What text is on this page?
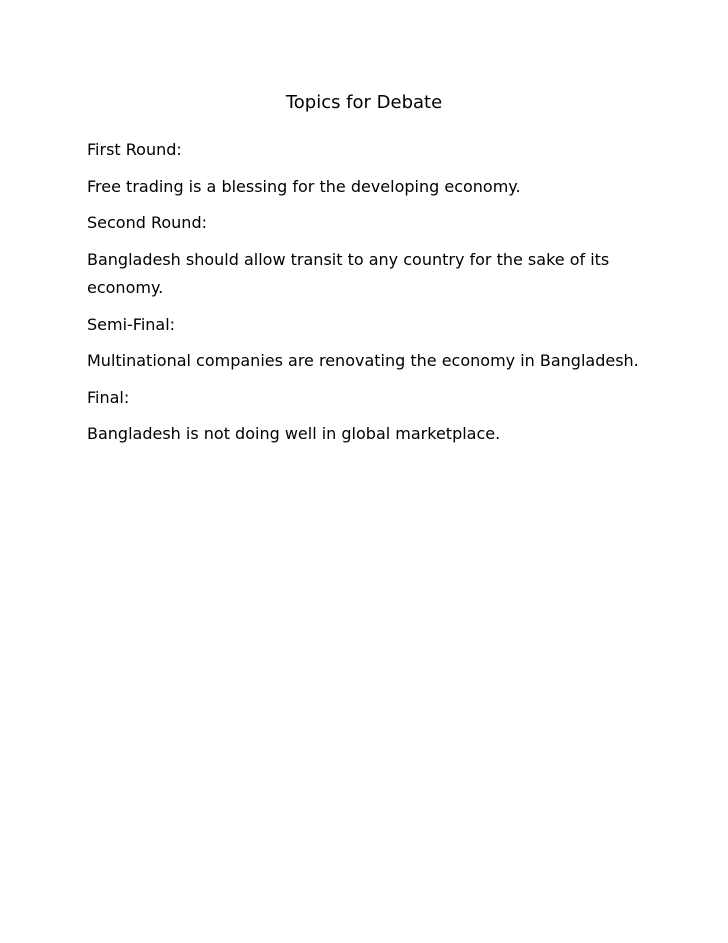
Topics for Debate
First Round:
Free trading is a blessing for the developing economy.
Second Round:
Bangladesh should allow transit to any country for the sake of its economy.
Semi-Final:
Multinational companies are renovating the economy in Bangladesh.
Final:
Bangladesh is not doing well in global marketplace.
